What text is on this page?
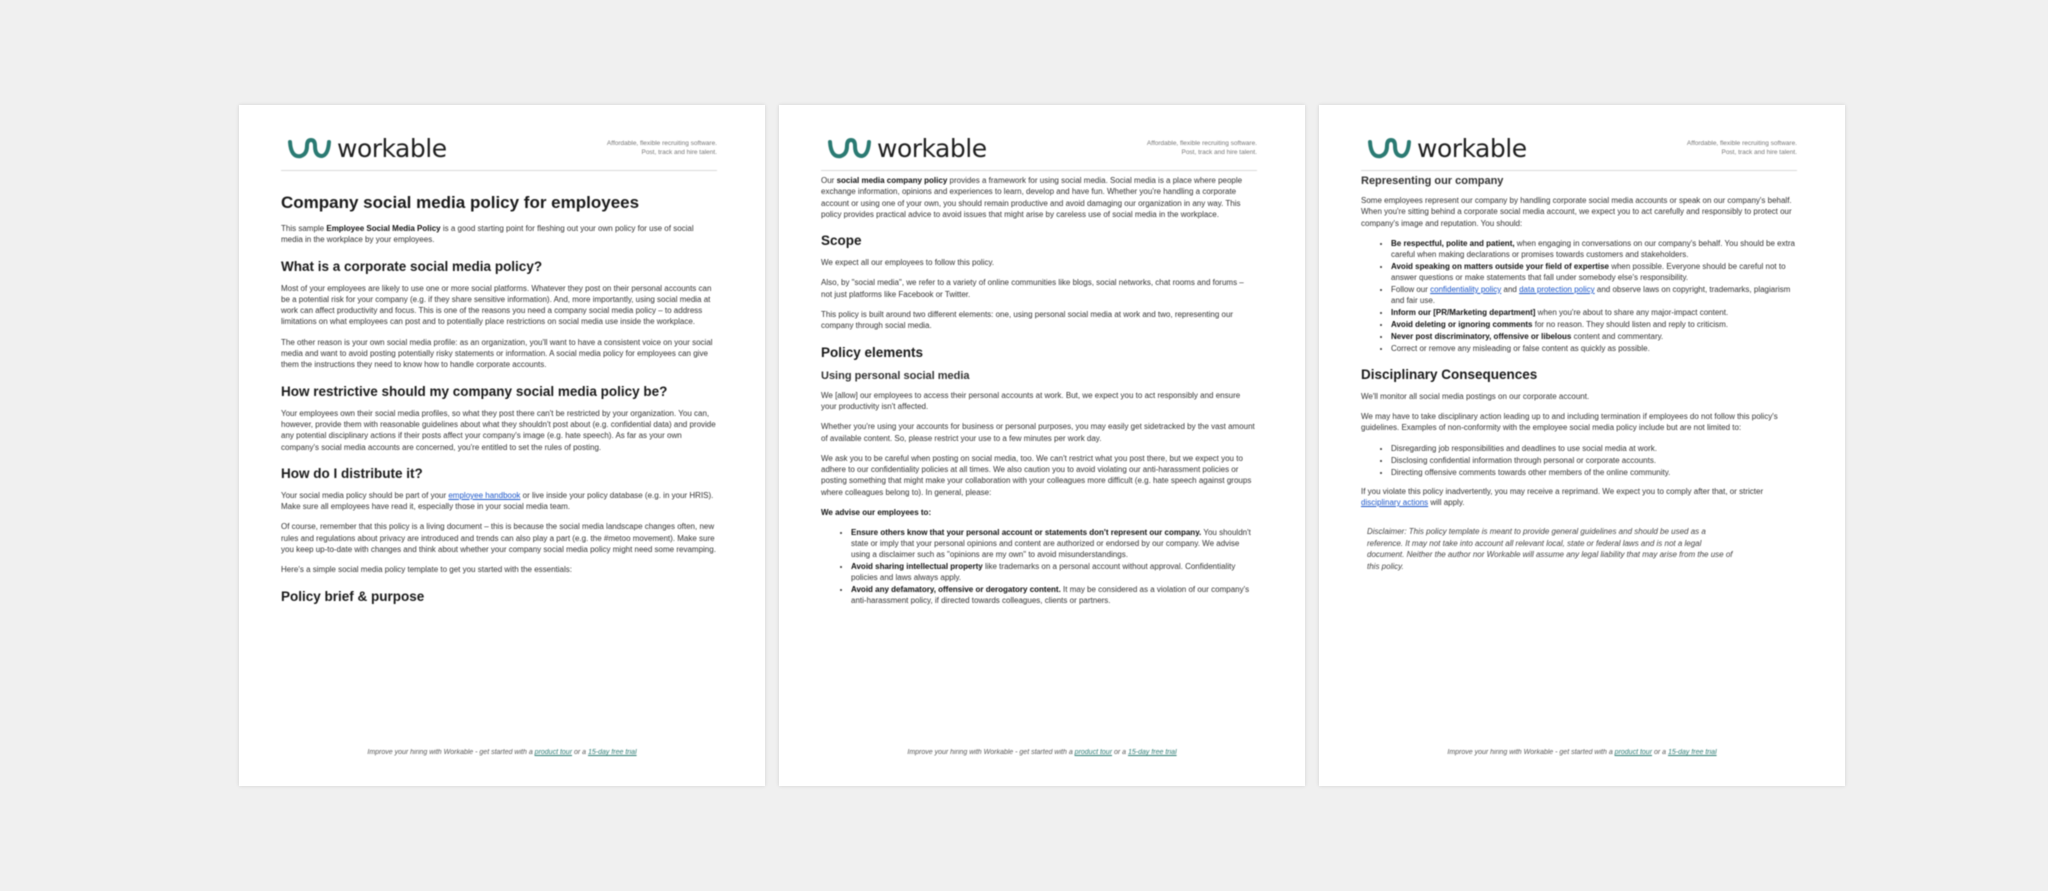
workable	Affordable, flexible recruiting software.
Post, track and hire talent.
Company social media policy for employees

This sample Employee Social Media Policy is a good starting point for fleshing out your own policy for use of social media in the workplace by your employees.

What is a corporate social media policy?

Most of your employees are likely to use one or more social platforms. Whatever they post on their personal accounts can be a potential risk for your company (e.g. if they share sensitive information). And, more importantly, using social media at work can affect productivity and focus. This is one of the reasons you need a company social media policy – to address limitations on what employees can post and to potentially place restrictions on social media use inside the workplace.

The other reason is your own social media profile: as an organization, you'll want to have a consistent voice on your social media and want to avoid posting potentially risky statements or information. A social media policy for employees can give them the instructions they need to know how to handle corporate accounts.

How restrictive should my company social media policy be?

Your employees own their social media profiles, so what they post there can't be restricted by your organization. You can, however, provide them with reasonable guidelines about what they shouldn't post about (e.g. confidential data) and provide any potential disciplinary actions if their posts affect your company's image (e.g. hate speech). As far as your own company's social media accounts are concerned, you're entitled to set the rules of posting.

How do I distribute it?

Your social media policy should be part of your employee handbook or live inside your policy database (e.g. in your HRIS). Make sure all employees have read it, especially those in your social media team.

Of course, remember that this policy is a living document – this is because the social media landscape changes often, new rules and regulations about privacy are introduced and trends can also play a part (e.g. the #metoo movement). Make sure you keep up-to-date with changes and think about whether your company social media policy might need some revamping.

Here's a simple social media policy template to get you started with the essentials:

Policy brief & purpose
Improve your hiring with Workable - get started with a product tour or a 15-day free trial
workable	Affordable, flexible recruiting software.
Post, track and hire talent.

Our social media company policy provides a framework for using social media. Social media is a place where people exchange information, opinions and experiences to learn, develop and have fun. Whether you're handling a corporate account or using one of your own, you should remain productive and avoid damaging our organization in any way. This policy provides practical advice to avoid issues that might arise by careless use of social media in the workplace.

Scope

We expect all our employees to follow this policy.

Also, by "social media", we refer to a variety of online communities like blogs, social networks, chat rooms and forums – not just platforms like Facebook or Twitter.

This policy is built around two different elements: one, using personal social media at work and two, representing our company through social media.

Policy elements
Using personal social media

We [allow] our employees to access their personal accounts at work. But, we expect you to act responsibly and ensure your productivity isn't affected.

Whether you're using your accounts for business or personal purposes, you may easily get sidetracked by the vast amount of available content. So, please restrict your use to a few minutes per work day.

We ask you to be careful when posting on social media, too. We can't restrict what you post there, but we expect you to adhere to our confidentiality policies at all times. We also caution you to avoid violating our anti-harassment policies or posting something that might make your collaboration with your colleagues more difficult (e.g. hate speech against groups where colleagues belong to). In general, please:

We advise our employees to:

• Ensure others know that your personal account or statements don't represent our company. You shouldn't state or imply that your personal opinions and content are authorized or endorsed by our company. We advise using a disclaimer such as "opinions are my own" to avoid misunderstandings.
• Avoid sharing intellectual property like trademarks on a personal account without approval. Confidentiality policies and laws always apply.
• Avoid any defamatory, offensive or derogatory content. It may be considered as a violation of our company's anti-harassment policy, if directed towards colleagues, clients or partners.
Improve your hiring with Workable - get started with a product tour or a 15-day free trial
workable	Affordable, flexible recruiting software.
Post, track and hire talent.
Representing our company

Some employees represent our company by handling corporate social media accounts or speak on our company's behalf. When you're sitting behind a corporate social media account, we expect you to act carefully and responsibly to protect our company's image and reputation. You should:

• Be respectful, polite and patient, when engaging in conversations on our company's behalf. You should be extra careful when making declarations or promises towards customers and stakeholders.
• Avoid speaking on matters outside your field of expertise when possible. Everyone should be careful not to answer questions or make statements that fall under somebody else's responsibility.
• Follow our confidentiality policy and data protection policy and observe laws on copyright, trademarks, plagiarism and fair use.
• Inform our [PR/Marketing department] when you're about to share any major-impact content.
• Avoid deleting or ignoring comments for no reason. They should listen and reply to criticism.
• Never post discriminatory, offensive or libelous content and commentary.
• Correct or remove any misleading or false content as quickly as possible.
Disciplinary Consequences

We'll monitor all social media postings on our corporate account.

We may have to take disciplinary action leading up to and including termination if employees do not follow this policy's guidelines. Examples of non-conformity with the employee social media policy include but are not limited to:

• Disregarding job responsibilities and deadlines to use social media at work.
• Disclosing confidential information through personal or corporate accounts.
• Directing offensive comments towards other members of the online community.

If you violate this policy inadvertently, you may receive a reprimand. We expect you to comply after that, or stricter disciplinary actions will apply.

Disclaimer: This policy template is meant to provide general guidelines and should be used as a reference. It may not take into account all relevant local, state or federal laws and is not a legal document. Neither the author nor Workable will assume any legal liability that may arise from the use of this policy.

Improve your hiring with Workable - get started with a product tour or a 15-day free trial
